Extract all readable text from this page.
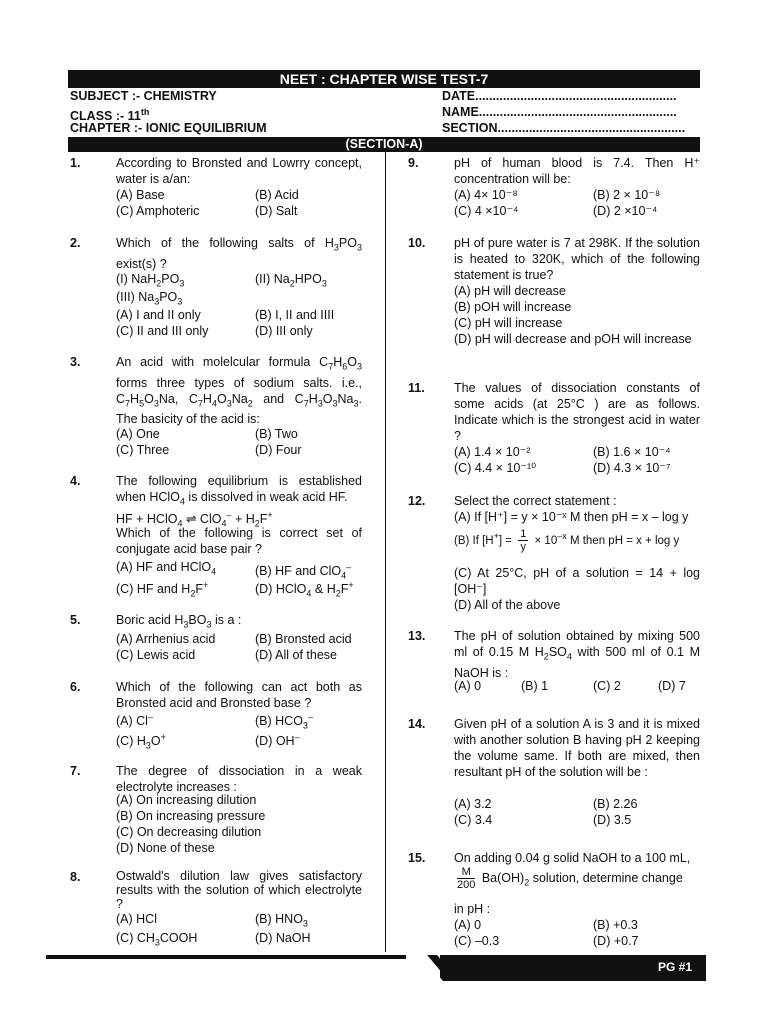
NEET : CHAPTER WISE TEST-7
SUBJECT :- CHEMISTRY
CLASS :- 11th
CHAPTER :- IONIC EQUILIBRIUM
DATE..........................................................
NAME.........................................................
SECTION......................................................
(SECTION-A)
1.	According to Bronsted and Lowrry concept, water is a/an:
(A) Base	(B) Acid
(C) Amphoteric	(D) Salt
2.	Which of the following salts of $H_3PO_3$ exist(s) ?
(I) $NaH_2PO_3$	(II) $Na_2HPO_3$
(III) $Na_3PO_3$
(A) I and II only	(B) I, II and IIII
(C) II and III only	(D) III only
3.	An acid with molelcular formula $C_7H_6O_3$ forms three types of sodium salts. i.e., $C_7H_5O_3Na$, $C_7H_4O_3Na_2$ and $C_7H_3O_3Na_3$. The basicity of the acid is:
(A) One	(B) Two
(C) Three	(D) Four
4.	The following equilibrium is established when HClO$_4$ is dissolved in weak acid HF.
HF + HClO$_4$ ⇌ $ClO_4^- + H_2F^+$
Which of the following is correct set of conjugate acid base pair ?
(A) HF and HClO$_4$	(B) HF and ClO$_4$–
(C) HF and $H_2F^+$	(D) HClO$_4$ & $H_2F^+$
5.	Boric acid $H_3BO_3$ is a :
(A) Arrhenius acid	(B) Bronsted acid
(C) Lewis acid	(D) All of these
6.	Which of the following can act both as Bronsted acid and Bronsted base ?
(A) Cl–	(B) $HCO_3^-$
(C) $H_3O^+$	(D) OH–
7.	The degree of dissociation in a weak electrolyte increases :
(A) On increasing dilution
(B) On increasing pressure
(C) On decreasing dilution
(D) None of these
8.	Ostwald's dilution law gives satisfactory results with the solution of which electrolyte ?
(A) HCl	(B) $HNO_3$
(C) $CH_3COOH$	(D) NaOH
9.	pH of human blood is 7.4. Then H⁺ concentration will be:
(A) 4× 10⁻⁸	(B) 2 × 10⁻⁸
(C) 4 ×10⁻⁴	(D) 2 ×10⁻⁴
10. pH of pure water is 7 at 298K. If the solution is heated to 320K, which of the following statement is true?
(A) pH will decrease
(B) pOH will increase
(C) pH will increase
(D) pH will decrease and pOH will increase
11. The values of dissociation constants of some acids (at 25°C ) are as follows. Indicate which is the strongest acid in water ?
(A) 1.4 × 10⁻²	(B) 1.6 × 10⁻⁴
(C) 4.4 × 10⁻¹⁰	(D) 4.3 × 10⁻⁷
12. Select the correct statement :
(A) If [H⁺] = y × 10⁻ˣ M then pH = x – log y
(B) If $[H^+] = \frac{1}{y} \times 10^{-x}$ M then pH = x + log y
(C) At 25°C, pH of a solution = 14 + log [OH⁻]
(D) All of the above
13. The pH of solution obtained by mixing 500 ml of 0.15 M $H_2SO_4$ with 500 ml of 0.1 M NaOH is :
(A) 0	(B) 1	(C) 2	(D) 7
14. Given pH of a solution A is 3 and it is mixed with another solution B having pH 2 keeping the volume same. If both are mixed, then resultant pH of the solution will be :
(A) 3.2	(B) 2.26
(C) 3.4	(D) 3.5
15. On adding 0.04 g solid NaOH to a 100 mL,
$\frac{M}{200} Ba(OH)_2$ solution, determine change
in pH :
(A) 0	(B) +0.3
(C) –0.3	(D) +0.7
PG #1
